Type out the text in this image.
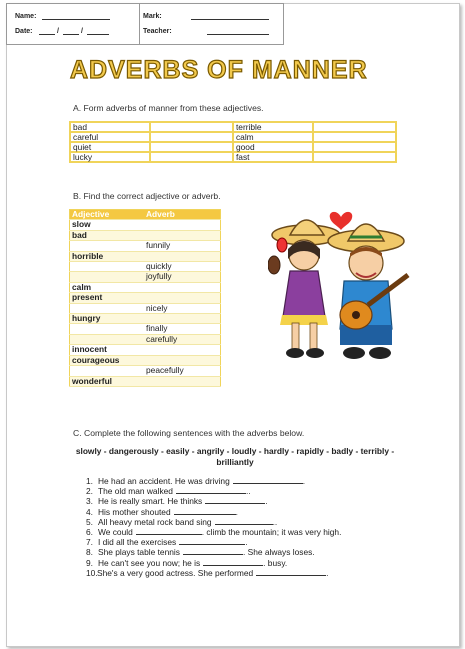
Name:
Date:	/	/
Mark:
Teacher:
ADVERBS OF MANNER
A. Form adverbs of manner from these adjectives.
bad		terrible	
careful		calm	
quiet		good	
lucky		fast	
B. Find the correct adjective or adverb.
Adjective	Adverb
slow	
bad	
	funnily
horrible	
	quickly
	joyfully
calm	
present	
	nicely
hungry	
	finally
	carefully
innocent	
courageous	
	peacefully
wonderful	
C. Complete the following sentences with the adverbs below.
slowly - dangerously - easily - angrily - loudly - hardly - rapidly - badly - terribly - brilliantly
1. He had an accident. He was driving	.
2. The old man walked	..
3. He is really smart. He thinks	.
4. His mother shouted	.
5. All heavy metal rock band sing	..
6. We could	. climb the mountain; it was very high.
7. I did all the exercises	.
8. She plays table tennis	. She always loses.
9. He can't see you now; he is	. busy.
10.She's a very good actress. She performed	.
